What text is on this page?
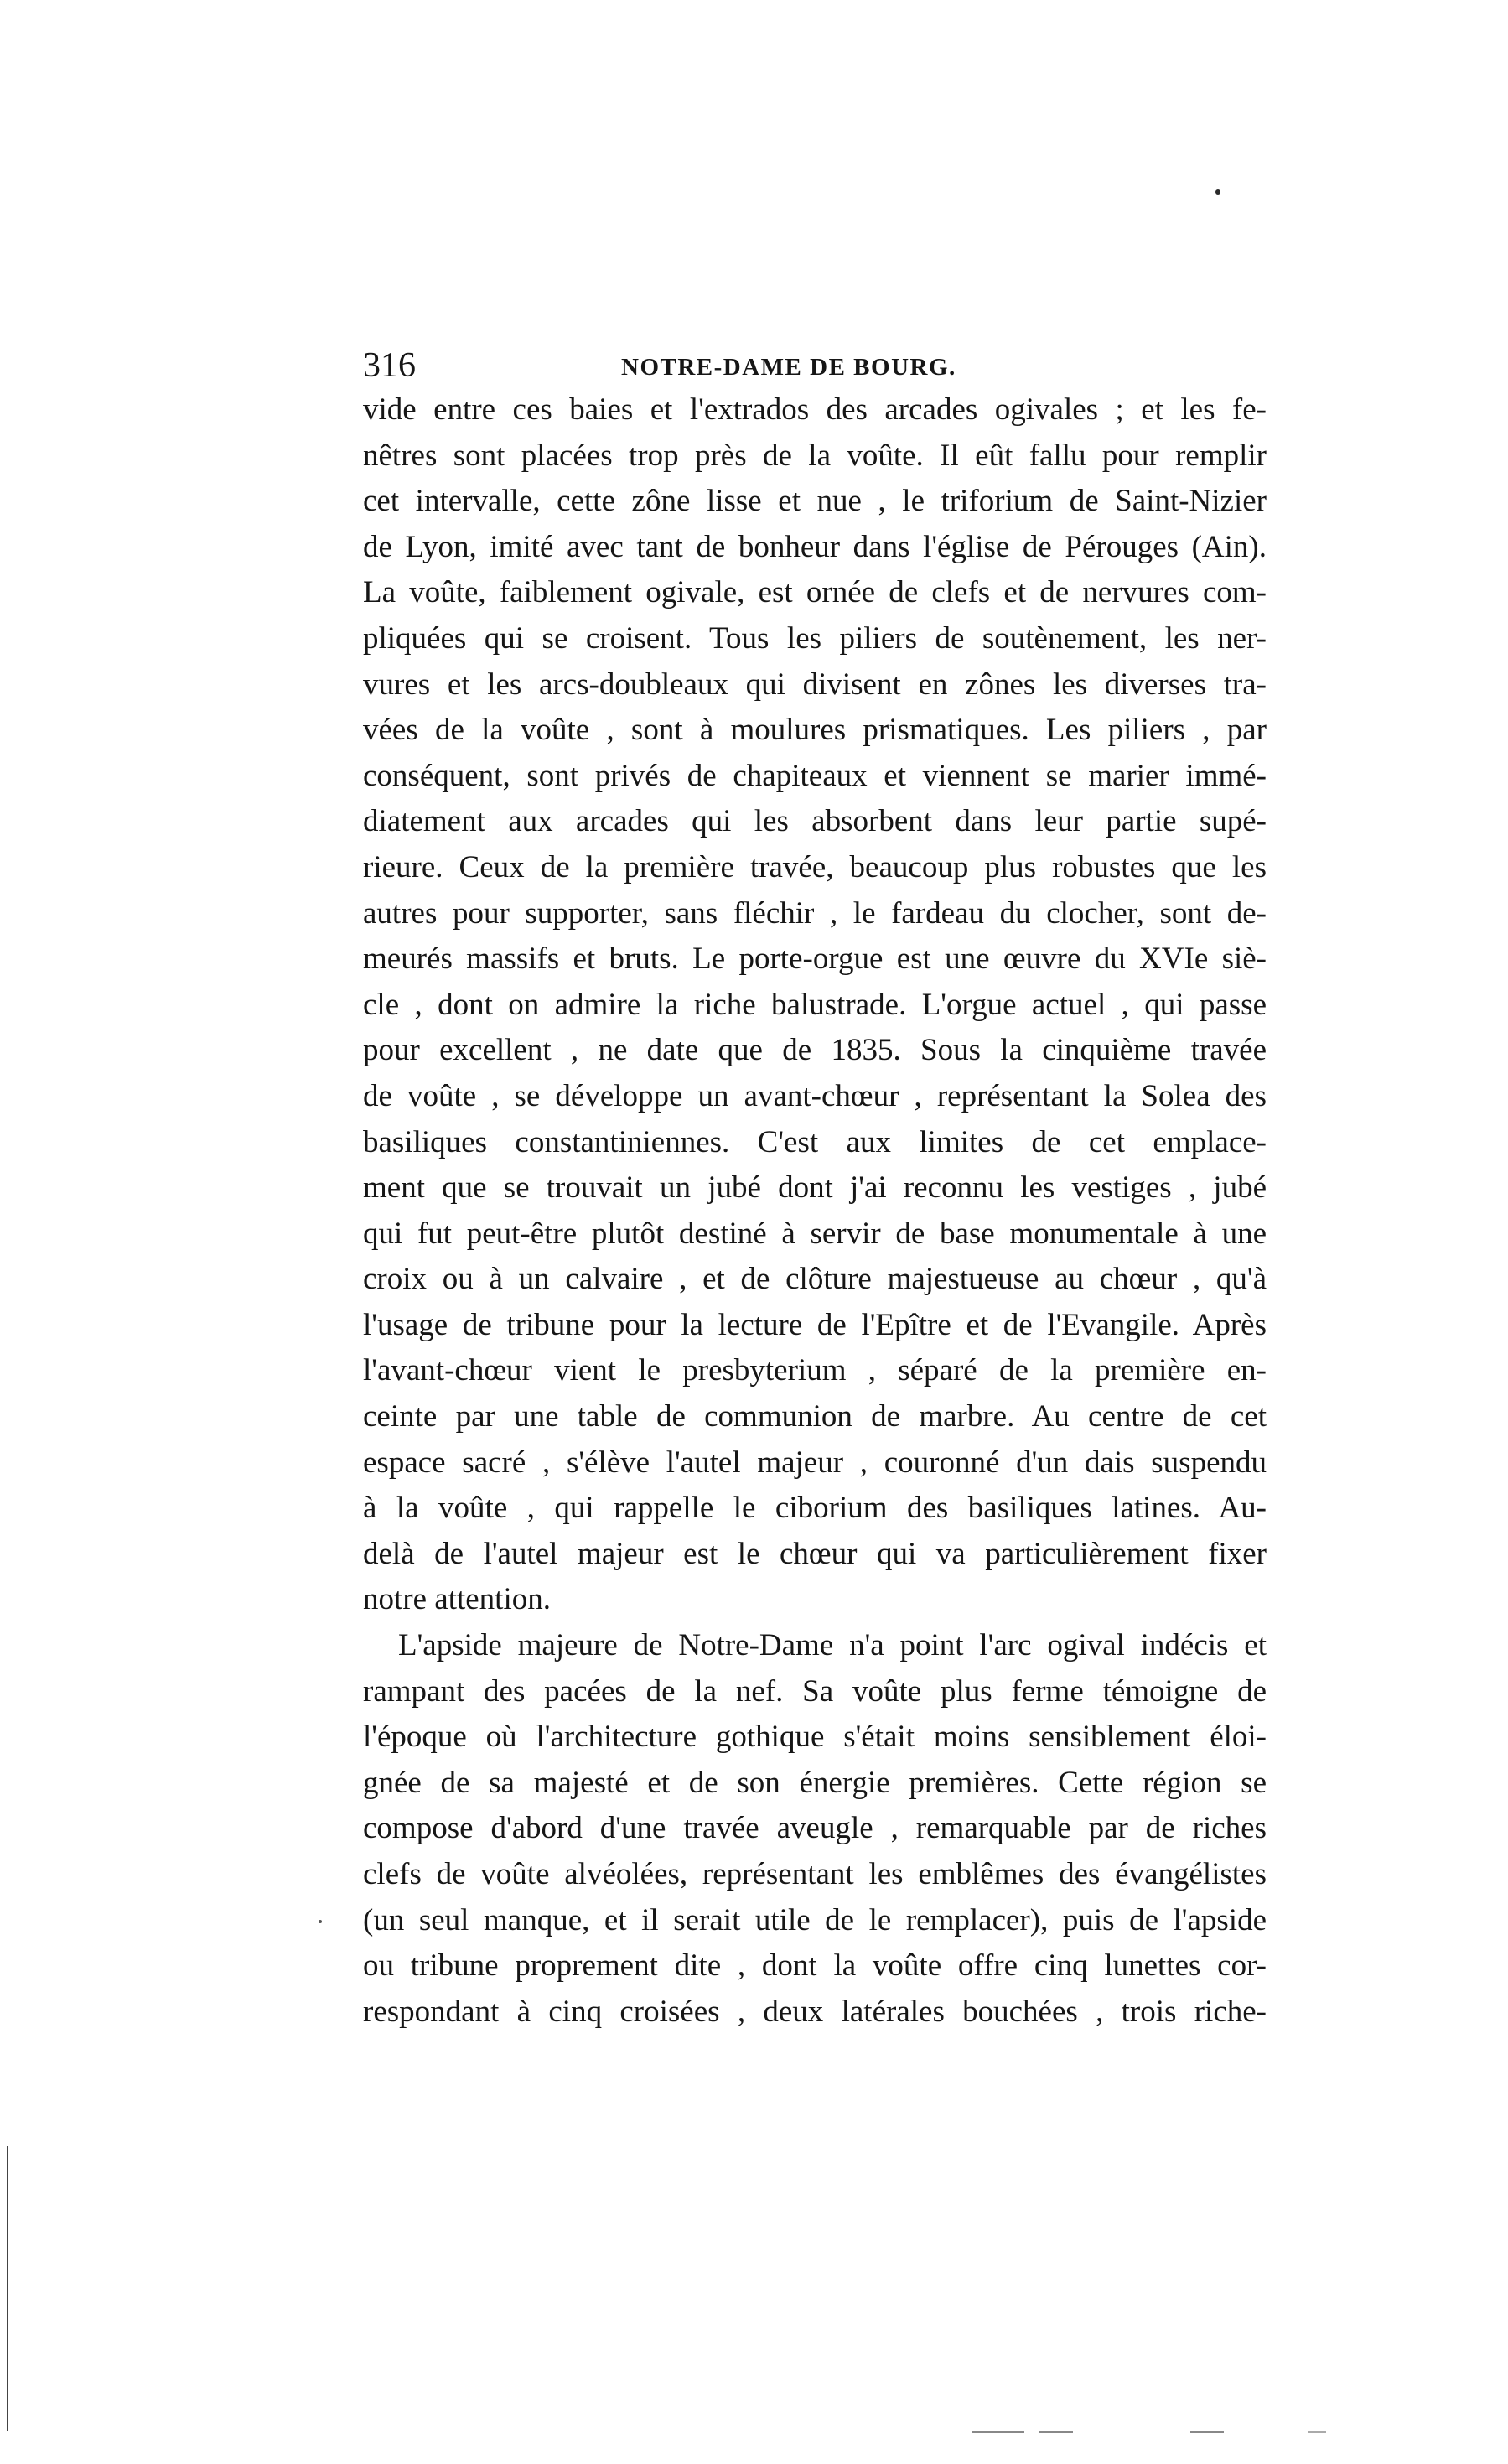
316	NOTRE-DAME DE BOURG.
vide entre ces baies et l'extrados des arcades ogivales ; et les fe-
nêtres sont placées trop près de la voûte. Il eût fallu pour remplir
cet intervalle, cette zône lisse et nue , le triforium de Saint-Nizier
de Lyon, imité avec tant de bonheur dans l'église de Pérouges (Ain).
La voûte, faiblement ogivale, est ornée de clefs et de nervures com-
pliquées qui se croisent. Tous les piliers de soutènement, les ner-
vures et les arcs-doubleaux qui divisent en zônes les diverses tra-
vées de la voûte , sont à moulures prismatiques. Les piliers , par
conséquent, sont privés de chapiteaux et viennent se marier immé-
diatement aux arcades qui les absorbent dans leur partie supé-
rieure. Ceux de la première travée, beaucoup plus robustes que les
autres pour supporter, sans fléchir , le fardeau du clocher, sont de-
meurés massifs et bruts. Le porte-orgue est une œuvre du XVIe siè-
cle , dont on admire la riche balustrade. L'orgue actuel , qui passe
pour excellent , ne date que de 1835. Sous la cinquième travée
de voûte , se développe un avant-chœur , représentant la Solea des
basiliques constantiniennes. C'est aux limites de cet emplace-
ment que se trouvait un jubé dont j'ai reconnu les vestiges , jubé
qui fut peut-être plutôt destiné à servir de base monumentale à une
croix ou à un calvaire , et de clôture majestueuse au chœur , qu'à
l'usage de tribune pour la lecture de l'Epître et de l'Evangile. Après
l'avant-chœur vient le presbyterium , séparé de la première en-
ceinte par une table de communion de marbre. Au centre de cet
espace sacré , s'élève l'autel majeur , couronné d'un dais suspendu
à la voûte , qui rappelle le ciborium des basiliques latines. Au-
delà de l'autel majeur est le chœur qui va particulièrement fixer
notre attention.
L'apside majeure de Notre-Dame n'a point l'arc ogival indécis et
rampant des pacées de la nef. Sa voûte plus ferme témoigne de
l'époque où l'architecture gothique s'était moins sensiblement éloi-
gnée de sa majesté et de son énergie premières. Cette région se
compose d'abord d'une travée aveugle , remarquable par de riches
clefs de voûte alvéolées, représentant les emblêmes des évangélistes
(un seul manque, et il serait utile de le remplacer), puis de l'apside
ou tribune proprement dite , dont la voûte offre cinq lunettes cor-
respondant à cinq croisées , deux latérales bouchées , trois riche-
